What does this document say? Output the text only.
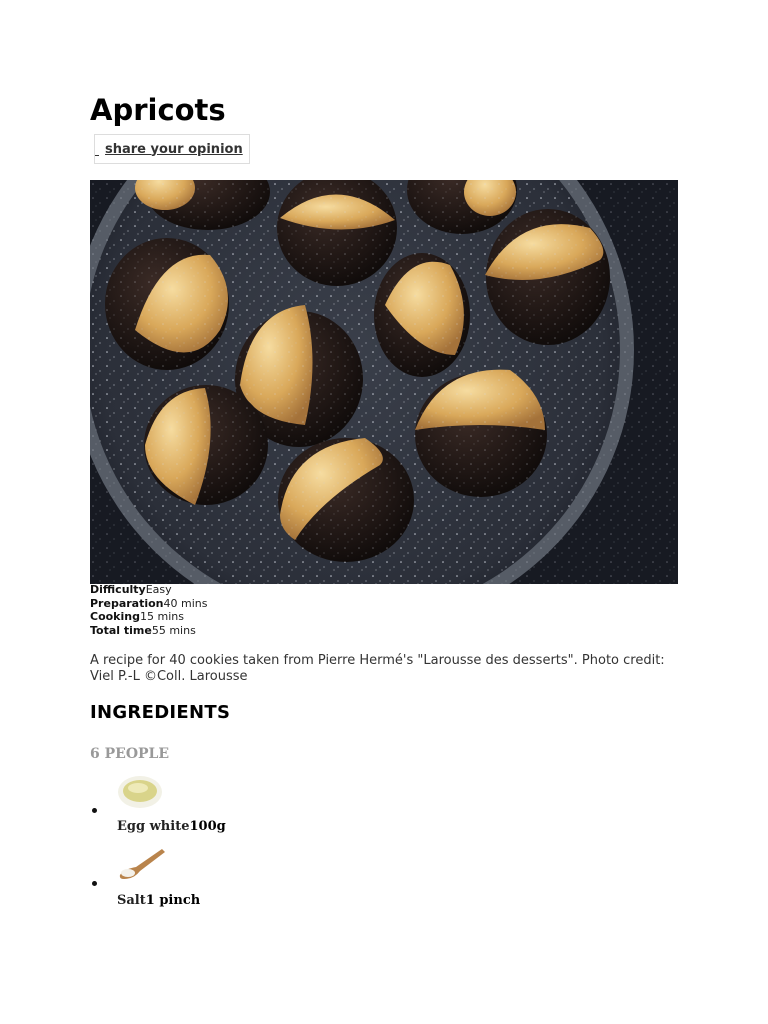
Apricots
share your opinion
DifficultyEasy
Preparation40 mins
Cooking15 mins
Total time55 mins

A recipe for 40 cookies taken from Pierre Hermé's "Larousse des desserts". Photo credit: Viel P.-L ©Coll. Larousse

INGREDIENTS
6 PEOPLE
Egg white100g
Salt1 pinch
